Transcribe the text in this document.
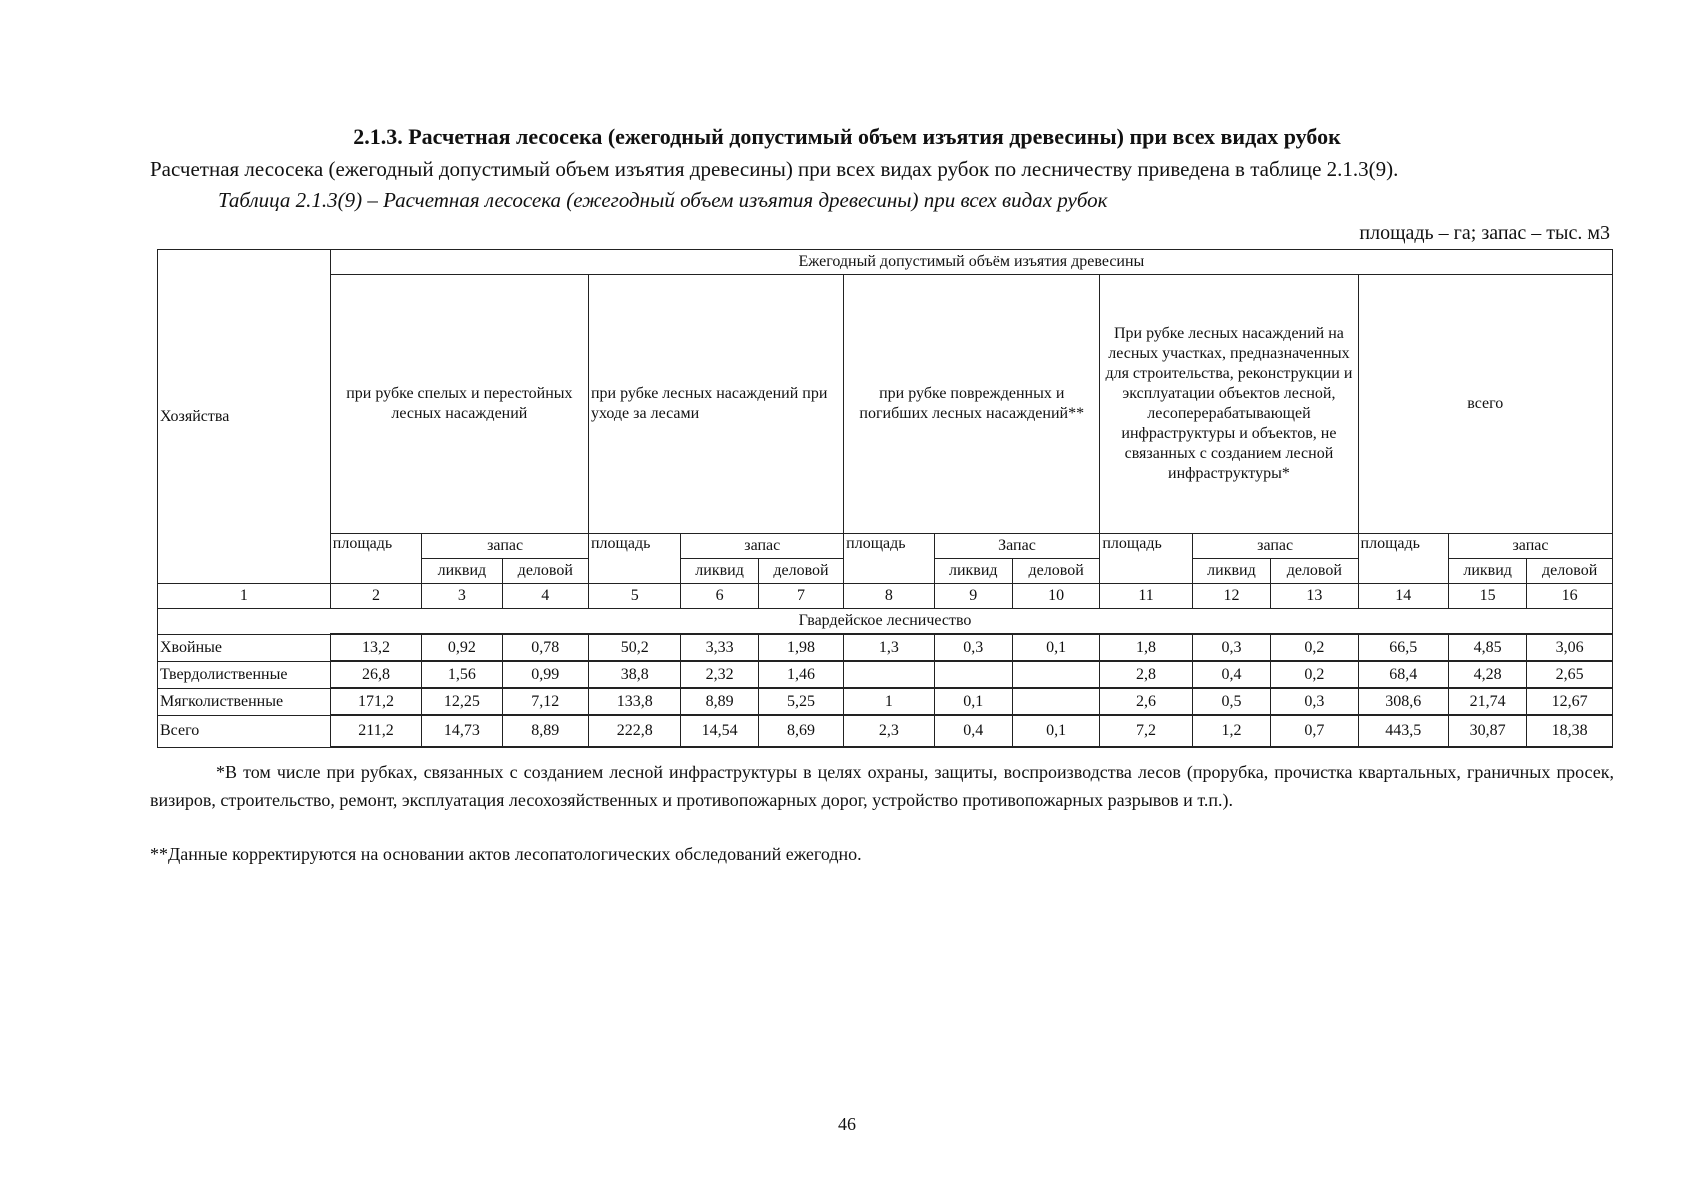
2.1.3. Расчетная лесосека (ежегодный допустимый объем изъятия древесины) при всех видах рубок
Расчетная лесосека (ежегодный допустимый объем изъятия древесины) при всех видах рубок по лесничеству приведена в таблице 2.1.3(9).
Таблица 2.1.3(9) – Расчетная лесосека (ежегодный объем изъятия древесины) при всех видах рубок
площадь – га; запас – тыс. м3
Хозяйства	Ежегодный допустимый объём изъятия древесины														

	при рубке спелых и перестойных лесных насаждений			при рубке лесных насаждений при уходе за лесами			при рубке поврежденных и погибших лесных насаждений**			При рубке лесных насаждений на лесных участках, предназначенных для строительства, реконструкции и эксплуатации объектов лесной, лесоперерабатывающей инфраструктуры и объектов, не связанных с созданием лесной инфраструктуры*			всего		

	площадь	запас		площадь	запас		площадь	Запас		площадь	запас		площадь	запас	
		ликвид	деловой		ликвид	деловой		ликвид	деловой		ликвид	деловой		ликвид	деловой
1	2	3	4	5	6	7	8	9	10	11	12	13	14	15	16
Гвардейское лесничество															
Хвойные	13,2	0,92	0,78	50,2	3,33	1,98	1,3	0,3	0,1	1,8	0,3	0,2	66,5	4,85	3,06
Твердолиственные	26,8	1,56	0,99	38,8	2,32	1,46				2,8	0,4	0,2	68,4	4,28	2,65
Мягколиственные	171,2	12,25	7,12	133,8	8,89	5,25	1	0,1		2,6	0,5	0,3	308,6	21,74	12,67
Всего	211,2	14,73	8,89	222,8	14,54	8,69	2,3	0,4	0,1	7,2	1,2	0,7	443,5	30,87	18,38
*В том числе при рубках, связанных с созданием лесной инфраструктуры в целях охраны, защиты, воспроизводства лесов (прорубка, прочистка квартальных, граничных просек, визиров, строительство, ремонт, эксплуатация лесохозяйственных и противопожарных дорог, устройство противопожарных разрывов и т.п.).
**Данные корректируются на основании актов лесопатологических обследований ежегодно.
46
